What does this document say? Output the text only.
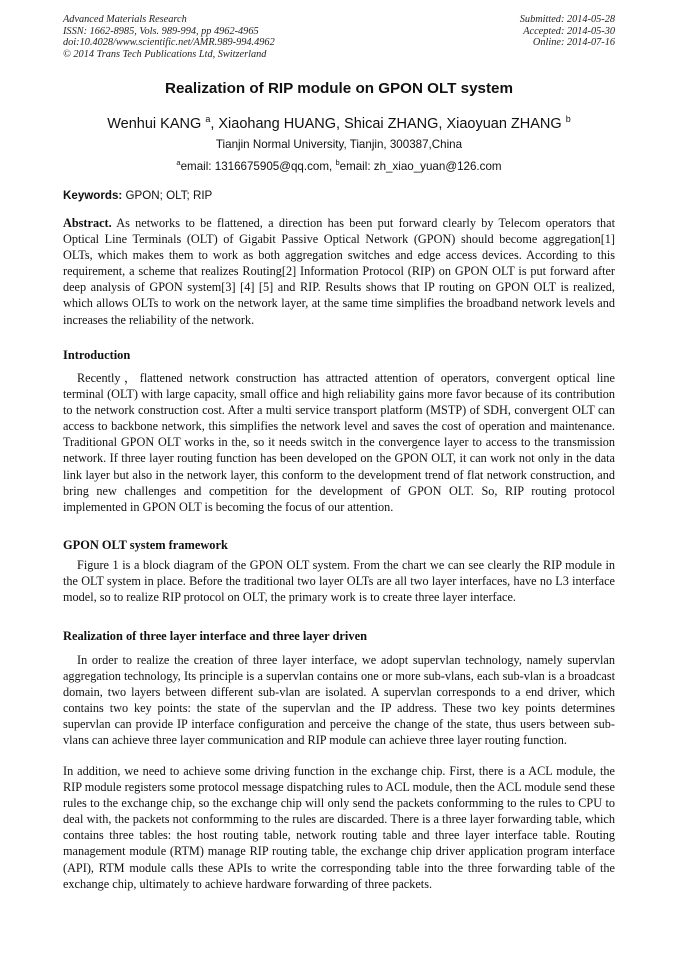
Advanced Materials Research
ISSN: 1662-8985, Vols. 989-994, pp 4962-4965
doi:10.4028/www.scientific.net/AMR.989-994.4962
© 2014 Trans Tech Publications Ltd, Switzerland
Submitted: 2014-05-28
Accepted: 2014-05-30
Online: 2014-07-16
Realization of RIP module on GPON OLT system
Wenhui KANG $^a$, Xiaohang HUANG, Shicai ZHANG, Xiaoyuan ZHANG $^b$
Tianjin Normal University, Tianjin, 300387,China
$^a$email: 1316675905@qq.com, $^b$email: zh_xiao_yuan@126.com
Keywords: GPON; OLT; RIP

Abstract. As networks to be flattened, a direction has been put forward clearly by Telecom operators that Optical Line Terminals (OLT) of Gigabit Passive Optical Network (GPON) should become aggregation[1] OLTs, which makes them to work as both aggregation switches and edge access devices. According to this requirement, a scheme that realizes Routing[2] Information Protocol (RIP) on GPON OLT is put forward after deep analysis of GPON system[3] [4] [5] and RIP. Results shows that IP routing on GPON OLT is realized, which allows OLTs to work on the network layer, at the same time simplifies the broadband network levels and increases the reliability of the network.

Introduction

Recently，flattened network construction has attracted attention of operators, convergent optical line terminal (OLT) with large capacity, small office and high reliability gains more favor because of its contribution to the network construction cost. After a multi service transport platform (MSTP) of SDH, convergent OLT can access to backbone network, this simplifies the network level and saves the cost of operation and maintenance. Traditional GPON OLT works in the, so it needs switch in the convergence layer to access to the transmission network. If three layer routing function has been developed on the GPON OLT, it can work not only in the data link layer but also in the network layer, this conform to the development trend of flat network construction, and bring new challenges and competition for the development of GPON OLT. So, RIP routing protocol implemented in GPON OLT is becoming the focus of our attention.

GPON OLT system framework

Figure 1 is a block diagram of the GPON OLT system. From the chart we can see clearly the RIP module in the OLT system in place. Before the traditional two layer OLTs are all two layer interfaces, have no L3 interface model, so to realize RIP protocol on OLT, the primary work is to create three layer interface.

Realization of three layer interface and three layer driven

In order to realize the creation of three layer interface, we adopt supervlan technology, namely supervlan aggregation technology, Its principle is a supervlan contains one or more sub-vlans, each sub-vlan is a broadcast domain, two layers between different sub-vlan are isolated. A supervlan corresponds to a end driver, which contains two key points: the state of the supervlan and the IP address. These two key points determines supervlan can provide IP interface configuration and perceive the change of the state, thus users between sub-vlans can achieve three layer communication and RIP module can achieve three layer routing function.

In addition, we need to achieve some driving function in the exchange chip. First, there is a ACL module, the RIP module registers some protocol message dispatching rules to ACL module, then the ACL module send these rules to the exchange chip, so the exchange chip will only send the packets conformming to the rules to CPU to deal with, the packets not conformming to the rules are discarded. There is a three layer forwarding table, which contains three tables: the host routing table, network routing table and three layer interface table. Routing management module (RTM) manage RIP routing table, the exchange chip driver application program interface (API), RTM module calls these APIs to write the corresponding table into the three forwarding table of the exchange chip, ultimately to achieve hardware forwarding of three packets.
